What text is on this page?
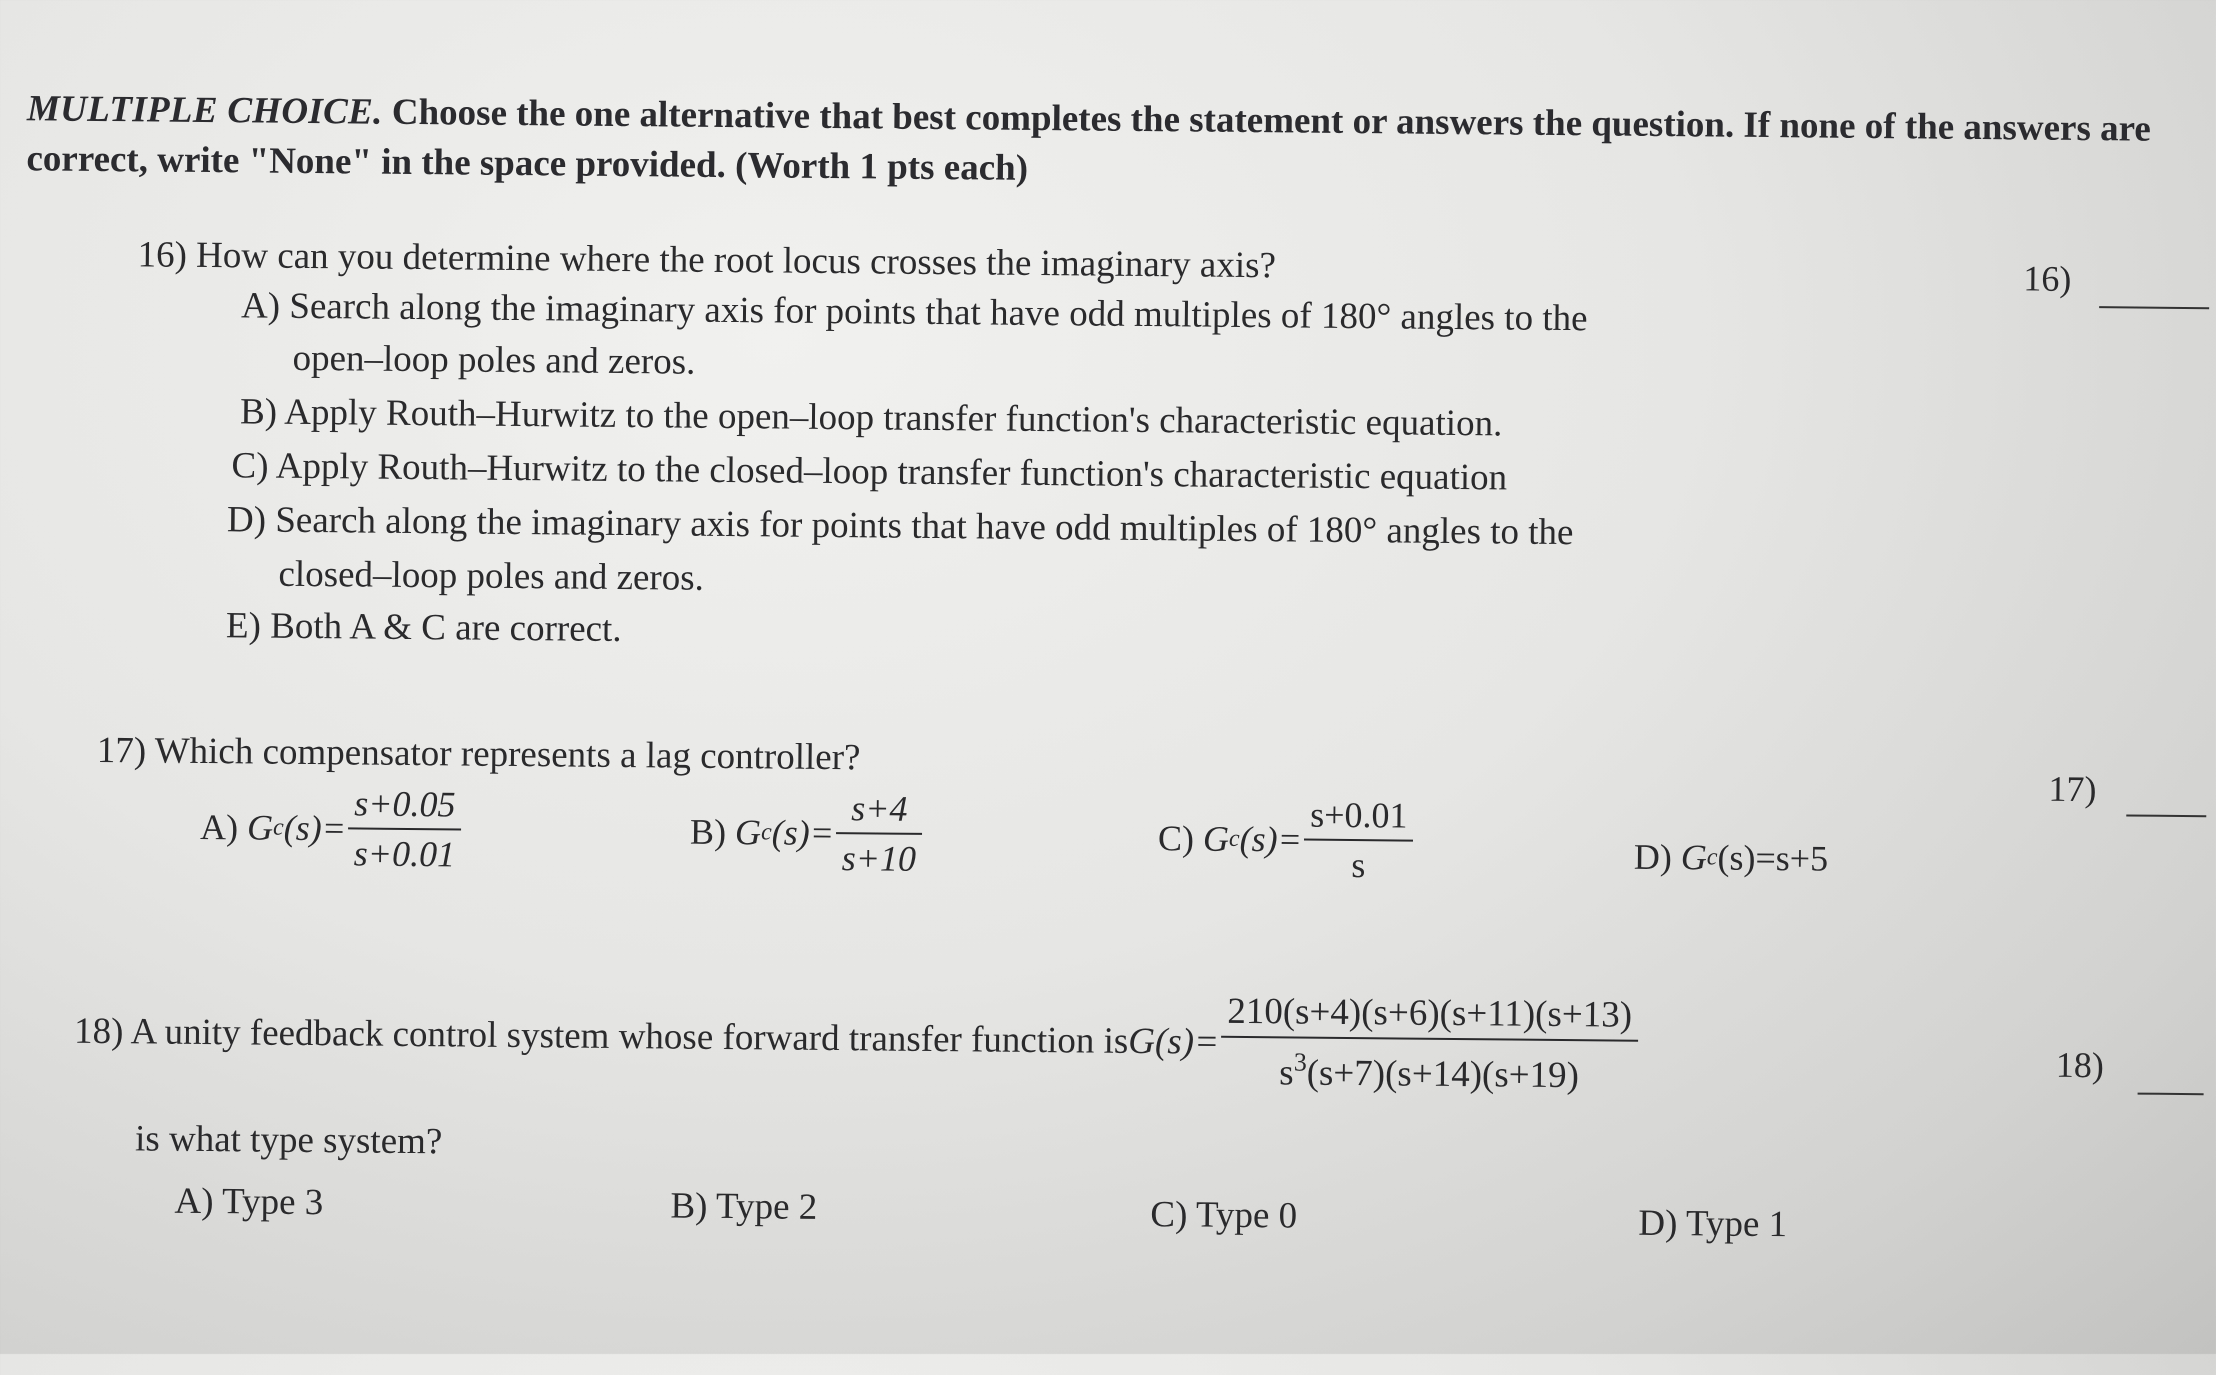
MULTIPLE CHOICE. Choose the one alternative that best completes the statement or answers the question. If none of the answers are correct, write "None" in the space provided. (Worth 1 pts each)
16) How can you determine where the root locus crosses the imaginary axis?	16)
A) Search along the imaginary axis for points that have odd multiples of 180° angles to the
open–loop poles and zeros.
B) Apply Routh–Hurwitz to the open–loop transfer function's characteristic equation.
C) Apply Routh–Hurwitz to the closed–loop transfer function's characteristic equation
D) Search along the imaginary axis for points that have odd multiples of 180° angles to the
closed–loop poles and zeros.
E) Both A & C are correct.
17) Which compensator represents a lag controller?
17)
A)
G c $(s)= \frac{s+0.05}{s+0.01}$	B)
G c $(s)= \frac{s+4}{s+10}$	C)
G c $(s)= \frac{s+0.01}{s}$	D)
G c (s)=s+5
18) A unity feedback control system whose forward transfer function is $G(s)= \frac{210(s+4)(s+6)(s+11)(s+13)}{s^3(s+7)(s+14)(s+19)}$	18)
is what type system?
A) Type 3	B) Type 2	C) Type 0	D) Type 1
